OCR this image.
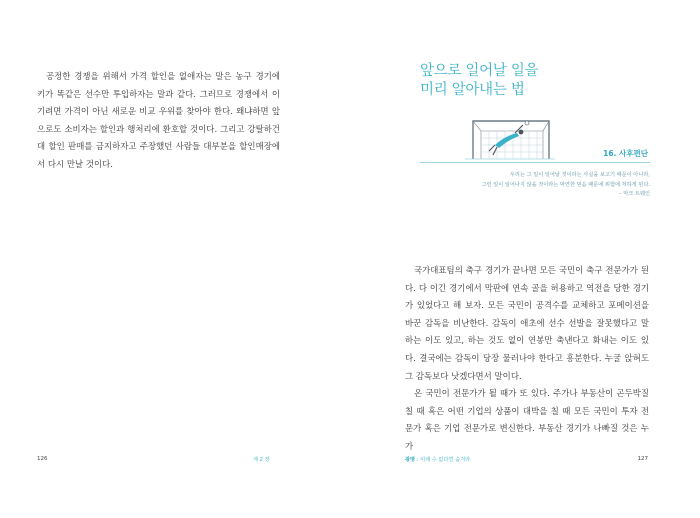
공정한 경쟁을 위해서 가격 할인을 없애자는 말은 농구 경기에 키가 똑같은 선수만 투입하자는 말과 같다. 그러므로 경쟁에서 이기려면 가격이 아닌 새로운 비교 우위를 찾아야 한다. 왜냐하면 앞으로도 소비자는 할인과 행처리에 환호할 것이다. 그리고 강탈하건대 할인 판매를 금지하자고 주장했던 사람들 대부분을 할인매장에서 다시 만날 것이다.

126	제 2 장
앞으로 일어날 일을
미리 알아내는 법
16. 사후편단
우리는 그 일이 일어날 것이라는 사실을 보고기 때문이 아니라,
그런 일이 일어나지 않을 것이라는 막연한 믿음 때문에 위험에 처하게 된다.
– 마크 트웨인

국가대표팀의 축구 경기가 끝나면 모든 국민이 축구 전문가가 된다. 다 이긴 경기에서 막판에 연속 골을 허용하고 역전을 당한 경기가 있었다고 해 보자. 모든 국민이 공격수를 교체하고 포메이션을 바꾼 감독을 비난한다. 감독이 애초에 선수 선발을 잘못했다고 말하는 이도 있고, 하는 것도 없이 연봉만 축낸다고 화내는 이도 있다. 결국에는 감독이 당장 물러나야 한다고 흥분한다. 누굴 앉혀도 그 감독보다 낫겠다면서 말이다.

온 국민이 전문가가 될 때가 또 있다. 주가나 부동산이 곤두박질칠 때 혹은 어떤 기업의 상품이 대박을 칠 때 모든 국민이 투자 전문가 혹은 기업 전문가로 변신한다. 부동산 경기가 나빠질 것은 누가

광명 : 미래 수 없다면 숨겨라	127
